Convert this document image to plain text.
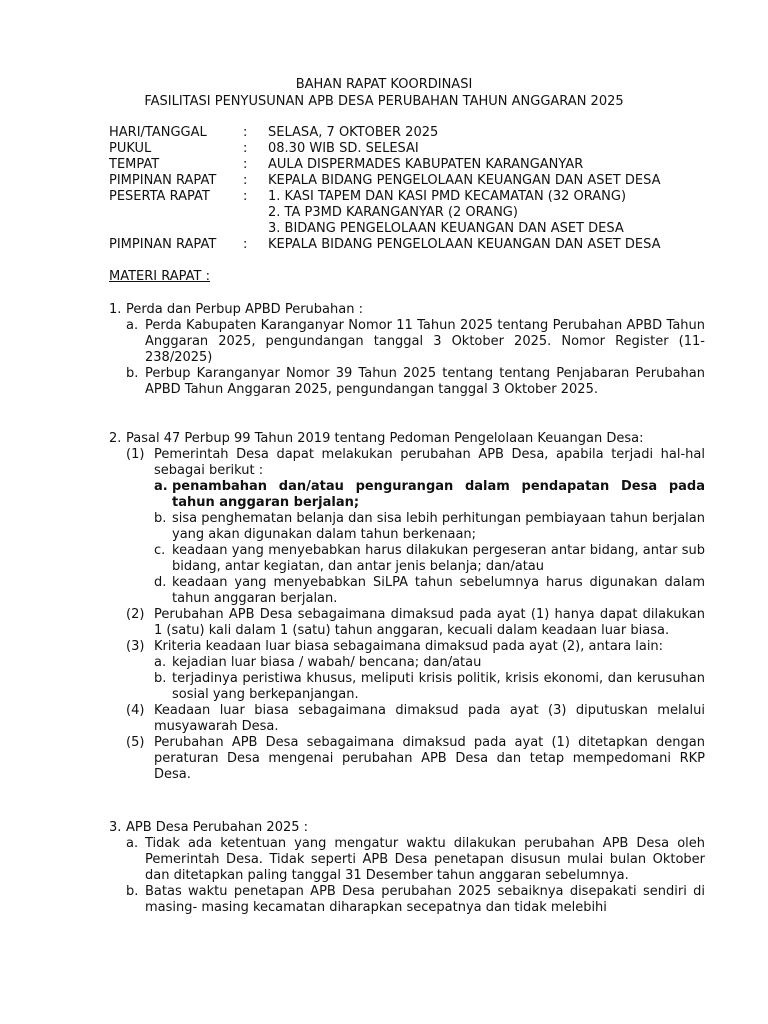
BAHAN RAPAT KOORDINASI
FASILITASI PENYUSUNAN APB DESA PERUBAHAN TAHUN ANGGARAN 2025
HARI/TANGGAL	:	SELASA, 7 OKTOBER 2025
PUKUL	:	08.30 WIB SD. SELESAI
TEMPAT	:	AULA DISPERMADES KABUPATEN KARANGANYAR
PIMPINAN RAPAT	:	KEPALA BIDANG PENGELOLAAN KEUANGAN DAN ASET DESA
PESERTA RAPAT	:	1. KASI TAPEM DAN KASI PMD KECAMATAN (32 ORANG)
2. TA P3MD KARANGANYAR (2 ORANG)
3. BIDANG PENGELOLAAN KEUANGAN DAN ASET DESA
PIMPINAN RAPAT	:	KEPALA BIDANG PENGELOLAAN KEUANGAN DAN ASET DESA
MATERI RAPAT :
1. Perda dan Perbup APBD Perubahan :
a. Perda Kabupaten Karanganyar Nomor 11 Tahun 2025 tentang Perubahan APBD Tahun Anggaran 2025, pengundangan tanggal 3 Oktober 2025. Nomor Register (11-238/2025)
b. Perbup Karanganyar Nomor 39 Tahun 2025 tentang tentang Penjabaran Perubahan APBD Tahun Anggaran 2025, pengundangan tanggal 3 Oktober 2025.
2. Pasal 47 Perbup 99 Tahun 2019 tentang Pedoman Pengelolaan Keuangan Desa:
(1) Pemerintah Desa dapat melakukan perubahan APB Desa, apabila terjadi hal-hal sebagai berikut :
a. penambahan dan/atau pengurangan dalam pendapatan Desa pada tahun anggaran berjalan;
b. sisa penghematan belanja dan sisa lebih perhitungan pembiayaan tahun berjalan yang akan digunakan dalam tahun berkenaan;
c. keadaan yang menyebabkan harus dilakukan pergeseran antar bidang, antar sub bidang, antar kegiatan, dan antar jenis belanja; dan/atau
d. keadaan yang menyebabkan SiLPA tahun sebelumnya harus digunakan dalam tahun anggaran berjalan.
(2) Perubahan APB Desa sebagaimana dimaksud pada ayat (1) hanya dapat dilakukan 1 (satu) kali dalam 1 (satu) tahun anggaran, kecuali dalam keadaan luar biasa.
(3) Kriteria keadaan luar biasa sebagaimana dimaksud pada ayat (2), antara lain:
a. kejadian luar biasa / wabah/ bencana; dan/atau
b. terjadinya peristiwa khusus, meliputi krisis politik, krisis ekonomi, dan kerusuhan sosial yang berkepanjangan.
(4) Keadaan luar biasa sebagaimana dimaksud pada ayat (3) diputuskan melalui musyawarah Desa.
(5) Perubahan APB Desa sebagaimana dimaksud pada ayat (1) ditetapkan dengan peraturan Desa mengenai perubahan APB Desa dan tetap mempedomani RKP Desa.
3. APB Desa Perubahan 2025 :
a. Tidak ada ketentuan yang mengatur waktu dilakukan perubahan APB Desa oleh Pemerintah Desa. Tidak seperti APB Desa penetapan disusun mulai bulan Oktober dan ditetapkan paling tanggal 31 Desember tahun anggaran sebelumnya.
b. Batas waktu penetapan APB Desa perubahan 2025 sebaiknya disepakati sendiri di masing- masing kecamatan diharapkan secepatnya dan tidak melebihi
